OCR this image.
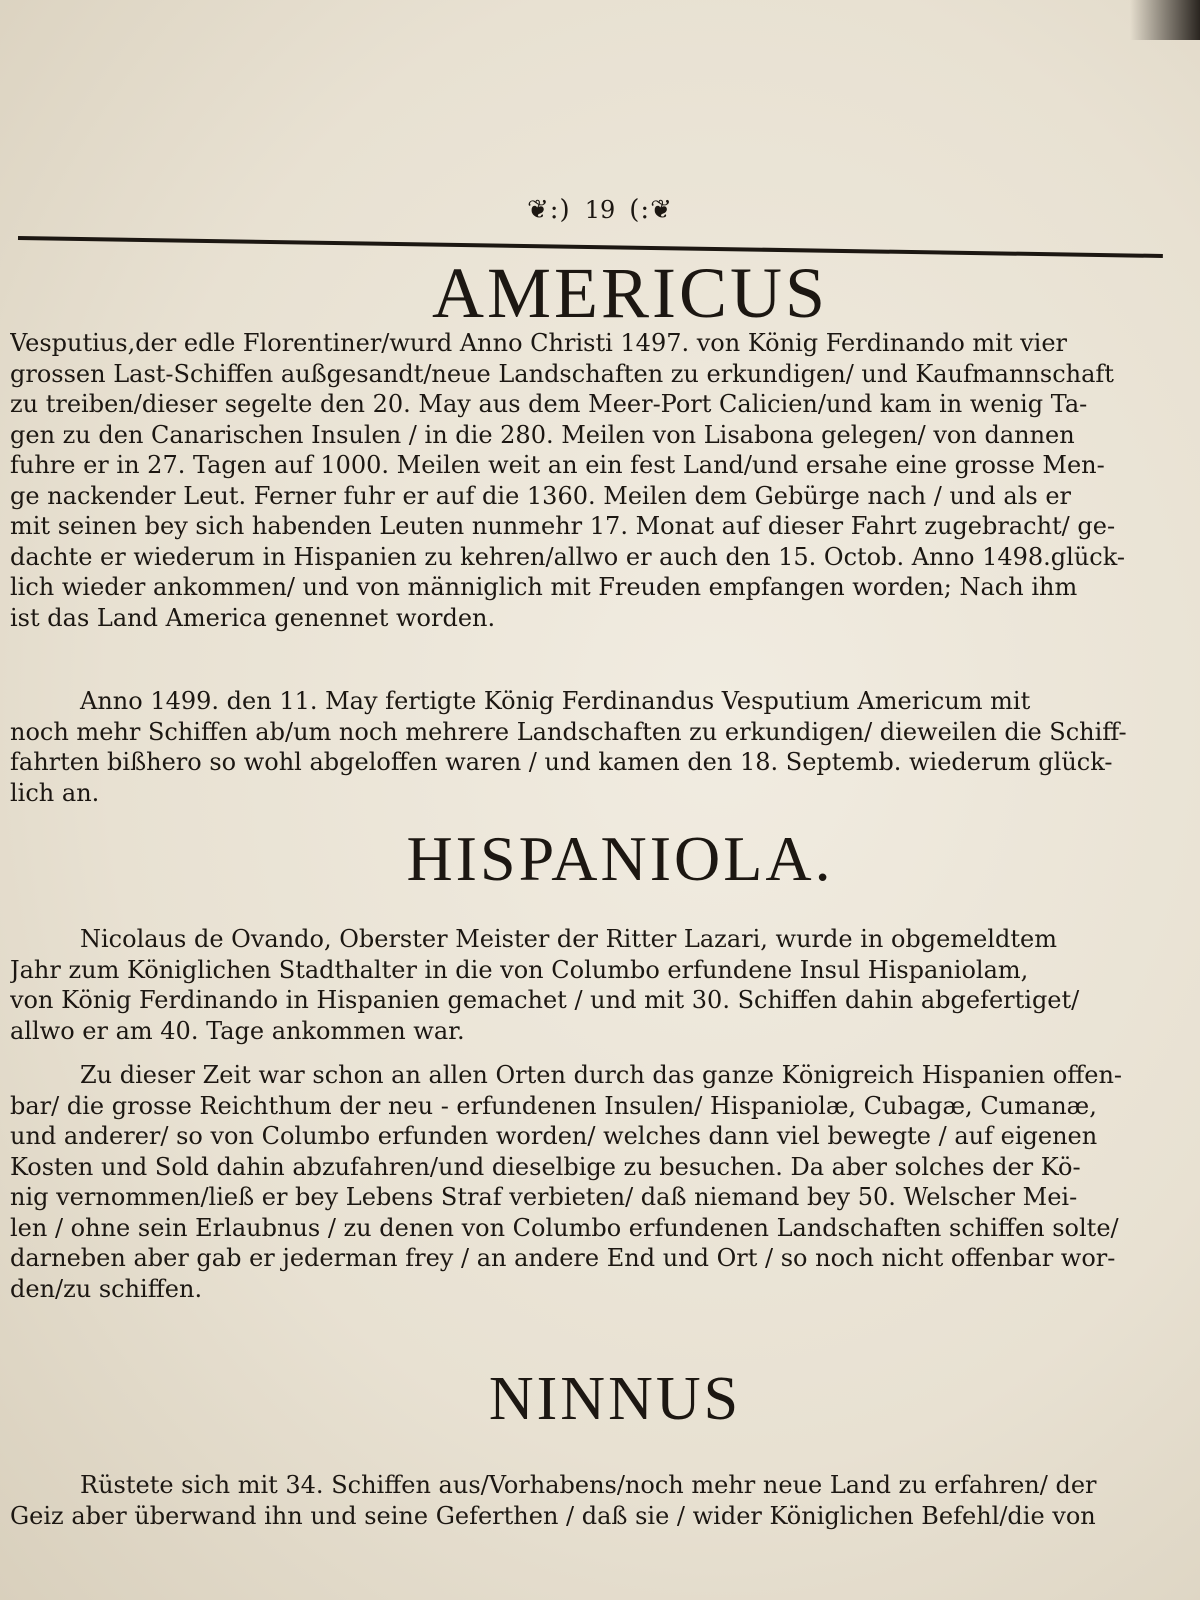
❦:) 19 (:❦
AMERICUS
Vesputius,der edle Florentiner/wurd Anno Christi 1497. von König Ferdinando mit vier
grossen Last-Schiffen außgesandt/neue Landschaften zu erkundigen/ und Kaufmannschaft
zu treiben/dieser segelte den 20. May aus dem Meer-Port Calicien/und kam in wenig Ta-
gen zu den Canarischen Insulen / in die 280. Meilen von Lisabona gelegen/ von dannen
fuhre er in 27. Tagen auf 1000. Meilen weit an ein fest Land/und ersahe eine grosse Men-
ge nackender Leut. Ferner fuhr er auf die 1360. Meilen dem Gebürge nach / und als er
mit seinen bey sich habenden Leuten nunmehr 17. Monat auf dieser Fahrt zugebracht/ ge-
dachte er wiederum in Hispanien zu kehren/allwo er auch den 15. Octob. Anno 1498.glück-
lich wieder ankommen/ und von männiglich mit Freuden empfangen worden; Nach ihm
ist das Land America genennet worden.
Anno 1499. den 11. May fertigte König Ferdinandus Vesputium Americum mit
noch mehr Schiffen ab/um noch mehrere Landschaften zu erkundigen/ dieweilen die Schiff-
fahrten bißhero so wohl abgeloffen waren / und kamen den 18. Septemb. wiederum glück-
lich an.
HISPANIOLA.
Nicolaus de Ovando, Oberster Meister der Ritter Lazari, wurde in obgemeldtem
Jahr zum Königlichen Stadthalter in die von Columbo erfundene Insul Hispaniolam,
von König Ferdinando in Hispanien gemachet / und mit 30. Schiffen dahin abgefertiget/
allwo er am 40. Tage ankommen war.
Zu dieser Zeit war schon an allen Orten durch das ganze Königreich Hispanien offen-
bar/ die grosse Reichthum der neu - erfundenen Insulen/ Hispaniolæ, Cubagæ, Cumanæ,
und anderer/ so von Columbo erfunden worden/ welches dann viel bewegte / auf eigenen
Kosten und Sold dahin abzufahren/und dieselbige zu besuchen. Da aber solches der Kö-
nig vernommen/ließ er bey Lebens Straf verbieten/ daß niemand bey 50. Welscher Mei-
len / ohne sein Erlaubnus / zu denen von Columbo erfundenen Landschaften schiffen solte/
darneben aber gab er jederman frey / an andere End und Ort / so noch nicht offenbar wor-
den/zu schiffen.
NINNUS
Rüstete sich mit 34. Schiffen aus/Vorhabens/noch mehr neue Land zu erfahren/ der
Geiz aber überwand ihn und seine Geferthen / daß sie / wider Königlichen Befehl/die von
